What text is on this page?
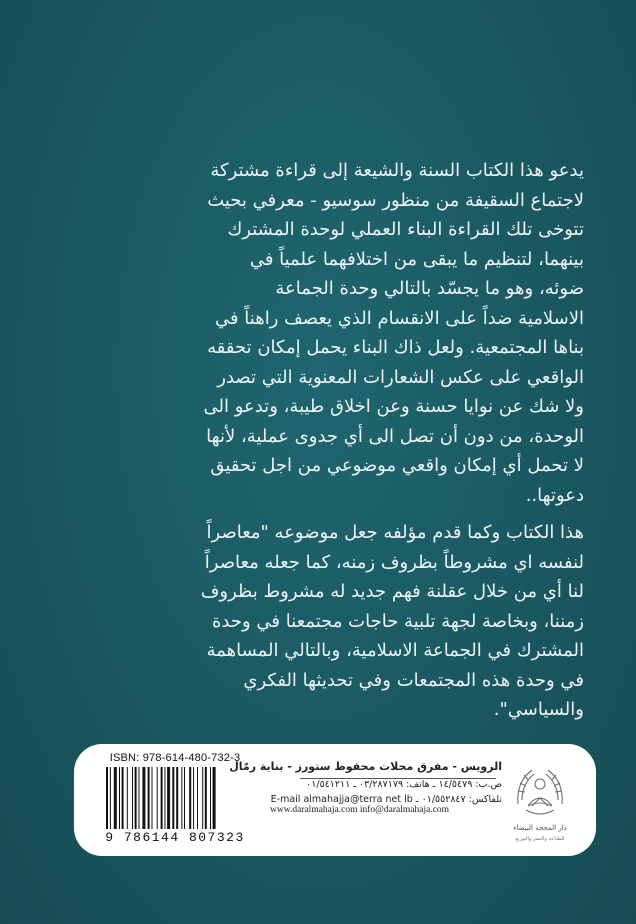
يدعو هذا الكتاب السنة والشيعة إلى قراءة مشتركة
لاجتماع السقيفة من منظور سوسيو - معرفي بحيث
تتوخى تلك القراءة البناء العملي لوحدة المشترك
بينهما، لتنظيم ما يبقى من اختلافهما علمياً في
ضوئه، وهو ما يجسّد بالتالي وحدة الجماعة
الاسلامية ضداً على الانقسام الذي يعصف راهناً في
بناها المجتمعية. ولعل ذاك البناء يحمل إمكان تحققه
الواقعي على عكس الشعارات المعنوية التي تصدر
ولا شك عن نوايا حسنة وعن اخلاق طيبة، وتدعو الى
الوحدة، من دون أن تصل الى أي جدوى عملية، لأنها
لا تحمل أي إمكان واقعي موضوعي من اجل تحقيق
دعوتها..
هذا الكتاب وكما قدم مؤلفه جعل موضوعه "معاصراً
لنفسه اي مشروطاً بظروف زمنه، كما جعله معاصراً
لنا أي من خلال عقلنة فهم جديد له مشروط بظروف
زمننا، وبخاصة لجهة تلبية حاجات مجتمعنا في وحدة
المشترك في الجماعة الاسلامية، وبالتالي المساهمة
في وحدة هذه المجتمعات وفي تحديثها الفكري
والسياسي".
ISBN: 978-614-480-732-3
9 786144 807323
الرويس - مفرق محلات محفوظ ستورز - بناية رمّال
ص.ب: ١٤/٥٤٧٩ ـ هاتف: ٠٣/٢٨٧١٧٩ ـ ٠١/٥٤١٢١١
تلفاكس: ٠١/٥٥٢٨٤٧ ـ E-mail almahajja@terra net lb
www.daralmahaja.com info@daralmahaja.com
دار المحجة البيضاء
للطباعة والنشر والتوزيع
